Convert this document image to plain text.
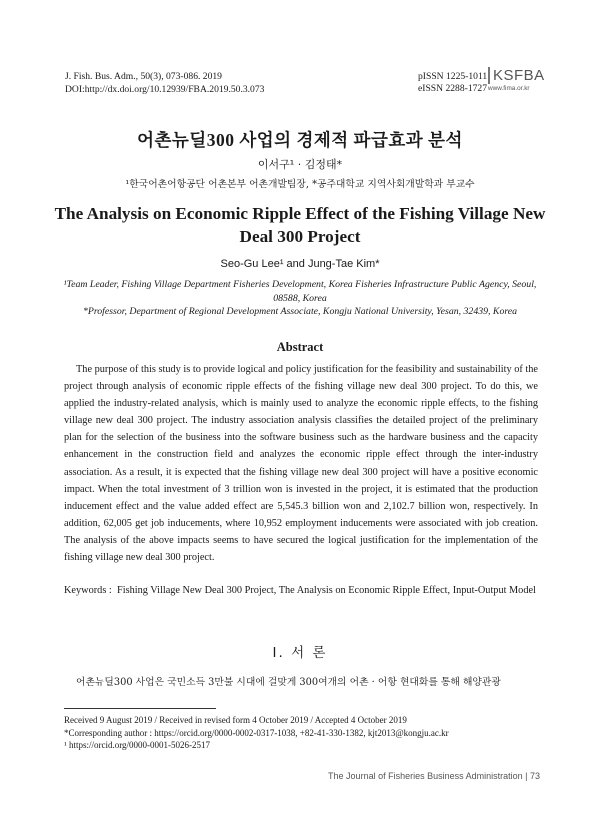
J. Fish. Bus. Adm., 50(3), 073-086. 2019
DOI:http://dx.doi.org/10.12939/FBA.2019.50.3.073
pISSN 1225-1011
eISSN 2288-1727
KSFBA
www.fima.or.kr
어촌뉴딜300 사업의 경제적 파급효과 분석
이서구¹ · 김정태*
¹한국어촌어항공단 어촌본부 어촌개발팀장, *공주대학교 지역사회개발학과 부교수
The Analysis on Economic Ripple Effect of the Fishing Village New
Deal 300 Project
Seo-Gu Lee¹ and Jung-Tae Kim*
¹Team Leader, Fishing Village Department Fisheries Development, Korea Fisheries Infrastructure Public Agency, Seoul, 08588, Korea
*Professor, Department of Regional Development Associate, Kongju National University, Yesan, 32439, Korea
Abstract
The purpose of this study is to provide logical and policy justification for the feasibility and sustainability of the project through analysis of economic ripple effects of the fishing village new deal 300 project. To do this, we applied the industry-related analysis, which is mainly used to analyze the economic ripple effects, to the fishing village new deal 300 project. The industry association analysis classifies the detailed project of the preliminary plan for the selection of the business into the software business such as the hardware business and the capacity enhancement in the construction field and analyzes the economic ripple effect through the inter-industry association. As a result, it is expected that the fishing village new deal 300 project will have a positive economic impact. When the total investment of 3 trillion won is invested in the project, it is estimated that the production inducement effect and the value added effect are 5,545.3 billion won and 2,102.7 billion won, respectively. In addition, 62,005 get job inducements, where 10,952 employment inducements were associated with job creation. The analysis of the above impacts seems to have secured the logical justification for the implementation of the fishing village new deal 300 project.
Keywords : Fishing Village New Deal 300 Project, The Analysis on Economic Ripple Effect, Input-Output Model
Ⅰ. 서 론
어촌뉴딜300 사업은 국민소득 3만불 시대에 걸맞게 300여개의 어촌 · 어항 현대화를 통해 해양관광
Received 9 August 2019 / Received in revised form 4 October 2019 / Accepted 4 October 2019
*Corresponding author : https://orcid.org/0000-0002-0317-1038, +82-41-330-1382, kjt2013@kongju.ac.kr
¹ https://orcid.org/0000-0001-5026-2517
The Journal of Fisheries Business Administration | 73
